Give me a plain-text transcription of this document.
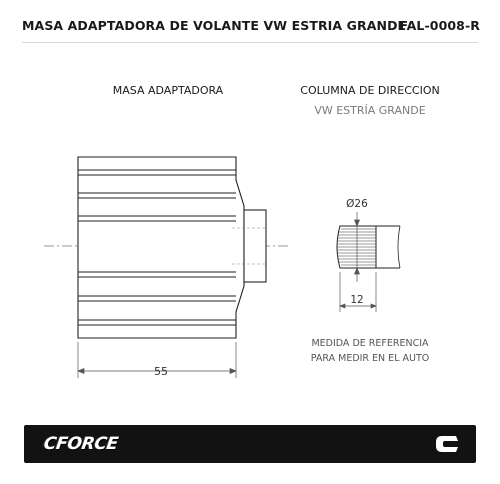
MASA ADAPTADORA DE VOLANTE VW ESTRIA GRANDE
FAL-0008-R
MASA ADAPTADORA	COLUMNA DE DIRECCION
VW ESTRÍA GRANDE
55
Ø26
12
MEDIDA DE REFERENCIA
PARA MEDIR EN EL AUTO
CFORCE
